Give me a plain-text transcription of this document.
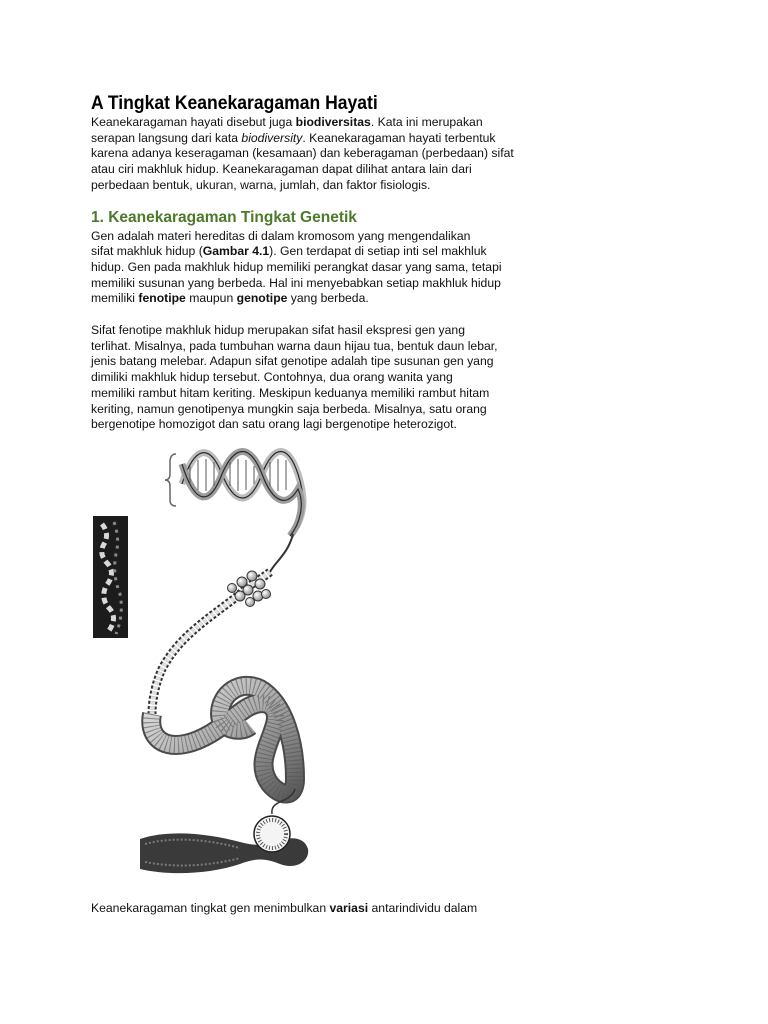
A Tingkat Keanekaragaman Hayati

Keanekaragaman hayati disebut juga biodiversitas. Kata ini merupakan
serapan langsung dari kata biodiversity. Keanekaragaman hayati terbentuk
karena adanya keseragaman (kesamaan) dan keberagaman (perbedaan) sifat
atau ciri makhluk hidup. Keanekaragaman dapat dilihat antara lain dari
perbedaan bentuk, ukuran, warna, jumlah, dan faktor fisiologis.

1. Keanekaragaman Tingkat Genetik

Gen adalah materi hereditas di dalam kromosom yang mengendalikan
sifat makhluk hidup (Gambar 4.1). Gen terdapat di setiap inti sel makhluk
hidup. Gen pada makhluk hidup memiliki perangkat dasar yang sama, tetapi
memiliki susunan yang berbeda. Hal ini menyebabkan setiap makhluk hidup
memiliki fenotipe maupun genotipe yang berbeda.

Sifat fenotipe makhluk hidup merupakan sifat hasil ekspresi gen yang
terlihat. Misalnya, pada tumbuhan warna daun hijau tua, bentuk daun lebar,
jenis batang melebar. Adapun sifat genotipe adalah tipe susunan gen yang
dimiliki makhluk hidup tersebut. Contohnya, dua orang wanita yang
memiliki rambut hitam keriting. Meskipun keduanya memiliki rambut hitam
keriting, namun genotipenya mungkin saja berbeda. Misalnya, satu orang
bergenotipe homozigot dan satu orang lagi bergenotipe heterozigot.

Keanekaragaman tingkat gen menimbulkan variasi antarindividu dalam
